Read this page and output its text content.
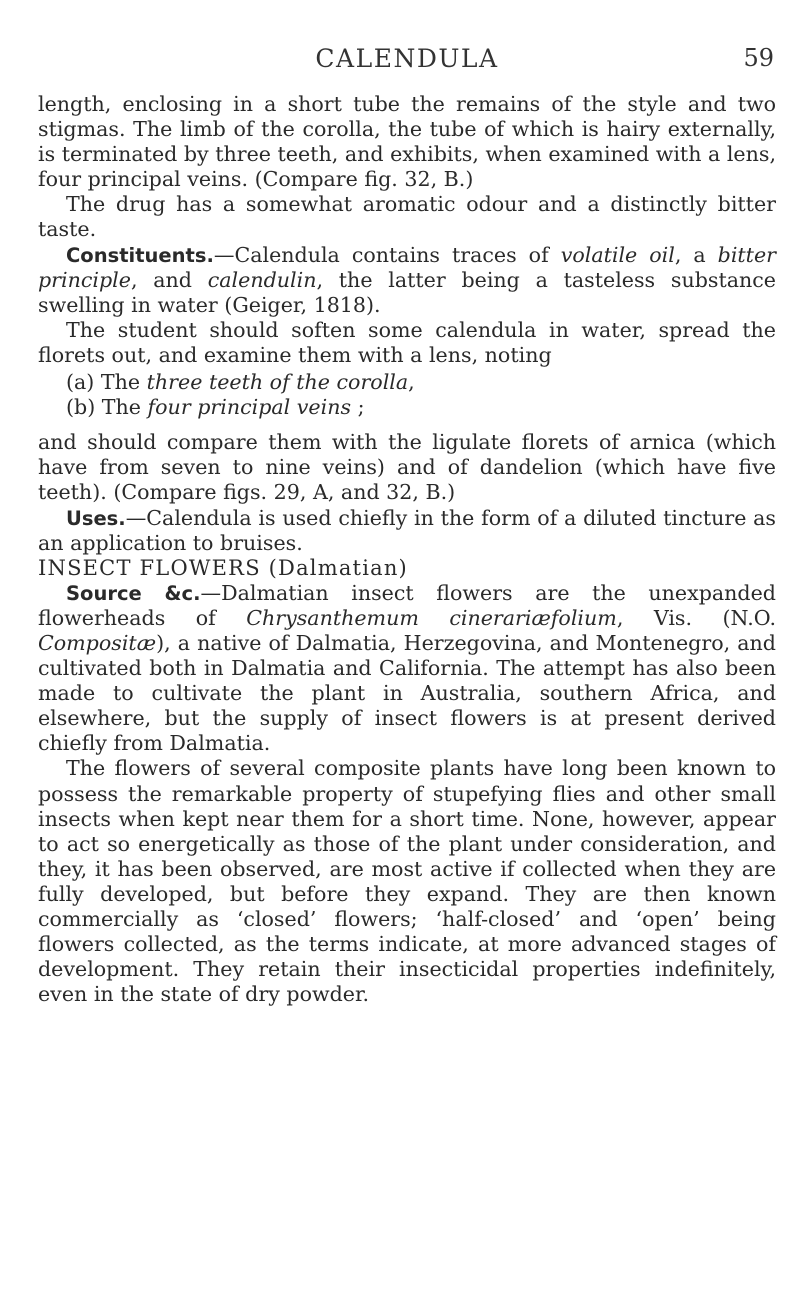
CALENDULA	59

length, enclosing in a short tube the remains of the style and two stigmas. The limb of the corolla, the tube of which is hairy externally, is terminated by three teeth, and exhibits, when examined with a lens, four principal veins. (Compare fig. 32, B.)

The drug has a somewhat aromatic odour and a distinctly bitter taste.

Constituents.—Calendula contains traces of volatile oil, a bitter principle, and calendulin, the latter being a tasteless substance swelling in water (Geiger, 1818).

The student should soften some calendula in water, spread the florets out, and examine them with a lens, noting

(a) The three teeth of the corolla,

(b) The four principal veins ;

and should compare them with the ligulate florets of arnica (which have from seven to nine veins) and of dandelion (which have five teeth). (Compare figs. 29, A, and 32, B.)

Uses.—Calendula is used chiefly in the form of a diluted tincture as an application to bruises.

INSECT FLOWERS (Dalmatian)

Source &c.—Dalmatian insect flowers are the unexpanded flowerheads of Chrysanthemum cinerariæfolium, Vis. (N.O. Compositæ), a native of Dalmatia, Herzegovina, and Montenegro, and cultivated both in Dalmatia and California. The attempt has also been made to cultivate the plant in Australia, southern Africa, and elsewhere, but the supply of insect flowers is at present derived chiefly from Dalmatia.

The flowers of several composite plants have long been known to possess the remarkable property of stupefying flies and other small insects when kept near them for a short time. None, however, appear to act so energetically as those of the plant under consideration, and they, it has been observed, are most active if collected when they are fully developed, but before they expand. They are then known commercially as ‘closed’ flowers; ‘half-closed’ and ‘open’ being flowers collected, as the terms indicate, at more advanced stages of development. They retain their insecticidal properties indefinitely, even in the state of dry powder.
